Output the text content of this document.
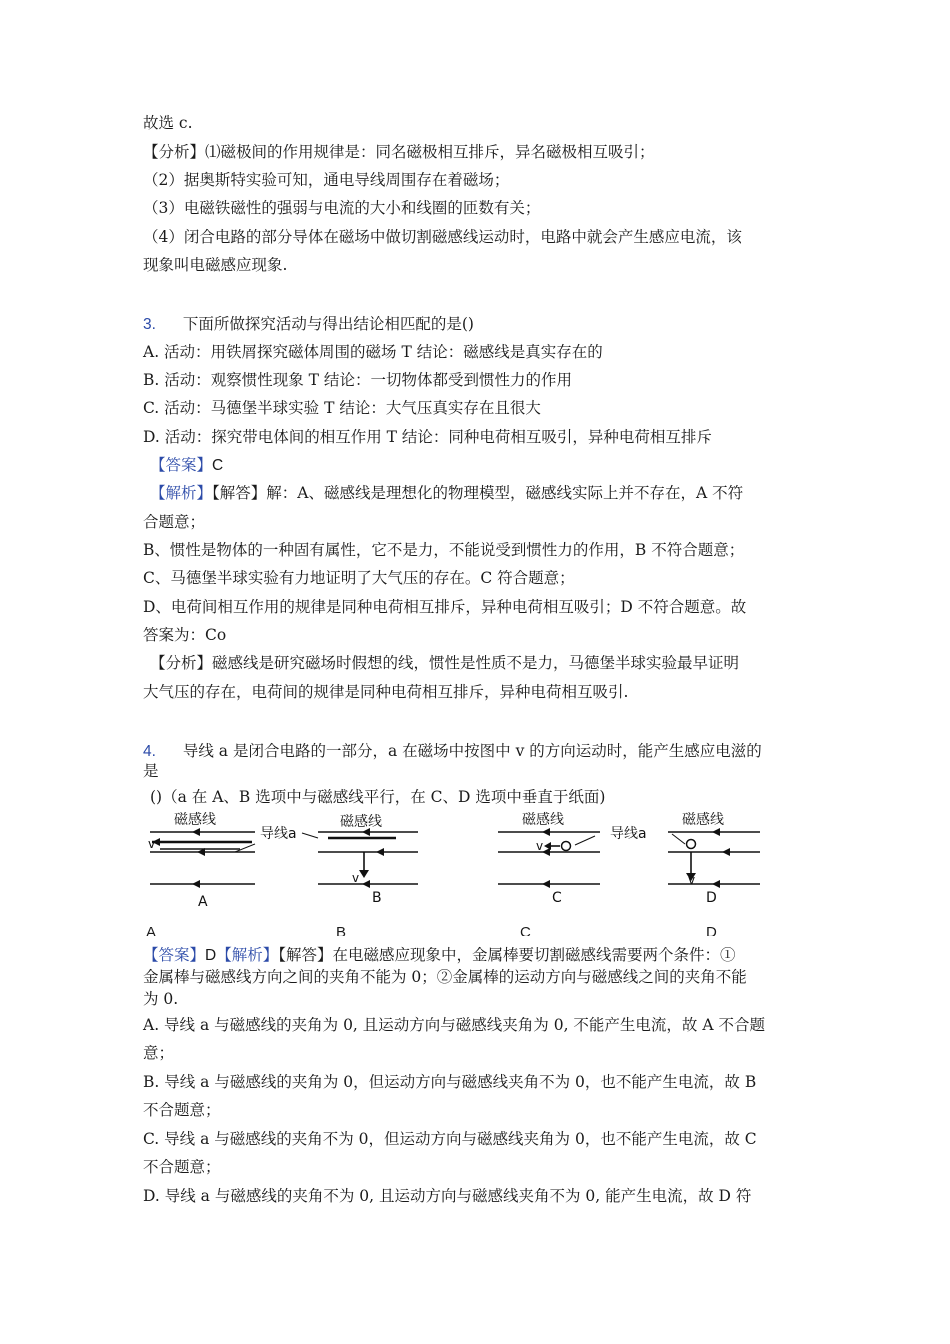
故选 c.
【分析】⑴磁极间的作用规律是：同名磁极相互排斥，异名磁极相互吸引；
（2）据奥斯特实验可知，通电导线周围存在着磁场；
（3）电磁铁磁性的强弱与电流的大小和线圈的匝数有关；
（4）闭合电路的部分导体在磁场中做切割磁感线运动时，电路中就会产生感应电流，该
现象叫电磁感应现象.
3. 下面所做探究活动与得出结论相匹配的是()
A. 活动：用铁屑探究磁体周围的磁场 T 结论：磁感线是真实存在的
B. 活动：观察惯性现象 T 结论：一切物体都受到惯性力的作用
C. 活动：马德堡半球实验 T 结论：大气压真实存在且很大
D. 活动：探究带电体间的相互作用 T 结论：同种电荷相互吸引，异种电荷相互排斥
【答案】C
【解析】【解答】解：A、磁感线是理想化的物理模型，磁感线实际上并不存在，A 不符
合题意；
B、惯性是物体的一种固有属性，它不是力，不能说受到惯性力的作用，B 不符合题意；
C、马德堡半球实验有力地证明了大气压的存在。C 符合题意；
D、电荷间相互作用的规律是同种电荷相互排斥，异种电荷相互吸引；D 不符合题意。故
答案为：Co
【分析】磁感线是研究磁场时假想的线，惯性是性质不是力，马德堡半球实验最早证明
大气压的存在，电荷间的规律是同种电荷相互排斥，异种电荷相互吸引.
4. 导线 a 是闭合电路的一部分，a 在磁场中按图中 v 的方向运动时，能产生感应电滋的
是
()（a 在 A、B 选项中与磁感线平行，在 C、D 选项中垂直于纸面)
磁感线
导线a
v
A
磁感线
v
B
磁感线
导线a
v
C
磁感线
v
D
A	B	C	D
【答案】D【解析】【解答】在电磁感应现象中，金属棒要切割磁感线需要两个条件：①
金属棒与磁感线方向之间的夹角不能为 0；②金属棒的运动方向与磁感线之间的夹角不能
为 0.
A. 导线 a 与磁感线的夹角为 0, 且运动方向与磁感线夹角为 0, 不能产生电流，故 A 不合题
意；
B. 导线 a 与磁感线的夹角为 0，但运动方向与磁感线夹角不为 0，也不能产生电流，故 B
不合题意；
C. 导线 a 与磁感线的夹角不为 0，但运动方向与磁感线夹角为 0，也不能产生电流，故 C
不合题意；
D. 导线 a 与磁感线的夹角不为 0, 且运动方向与磁感线夹角不为 0, 能产生电流，故 D 符
